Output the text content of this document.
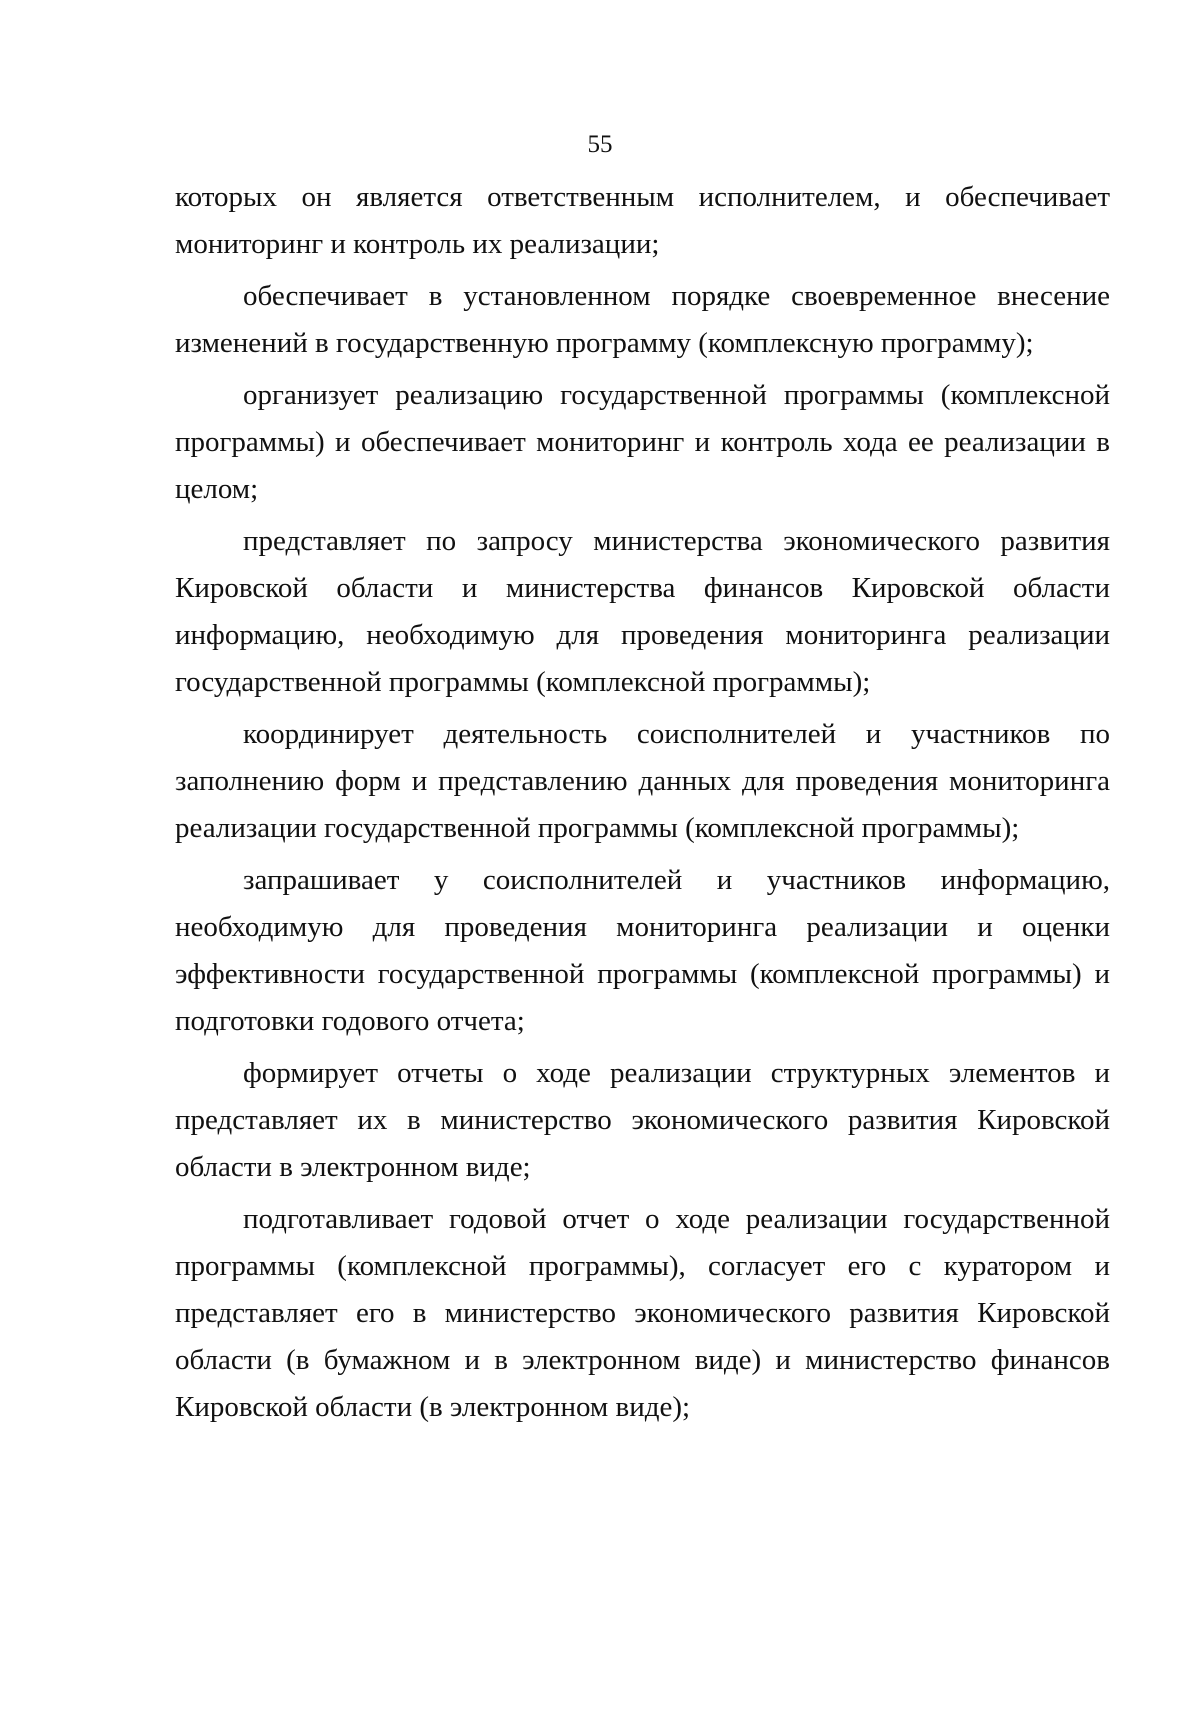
55

которых он является ответственным исполнителем, и обеспечивает мониторинг и контроль их реализации;

обеспечивает в установленном порядке своевременное внесение изменений в государственную программу (комплексную программу);

организует реализацию государственной программы (комплексной программы) и обеспечивает мониторинг и контроль хода ее реализации в целом;

представляет по запросу министерства экономического развития Кировской области и министерства финансов Кировской области информацию, необходимую для проведения мониторинга реализации государственной программы (комплексной программы);

координирует деятельность соисполнителей и участников по заполнению форм и представлению данных для проведения мониторинга реализации государственной программы (комплексной программы);

запрашивает у соисполнителей и участников информацию, необходимую для проведения мониторинга реализации и оценки эффективности государственной программы (комплексной программы) и подготовки годового отчета;

формирует отчеты о ходе реализации структурных элементов и представляет их в министерство экономического развития Кировской области в электронном виде;

подготавливает годовой отчет о ходе реализации государственной программы (комплексной программы), согласует его с куратором и представляет его в министерство экономического развития Кировской области (в бумажном и в электронном виде) и министерство финансов Кировской области (в электронном виде);
